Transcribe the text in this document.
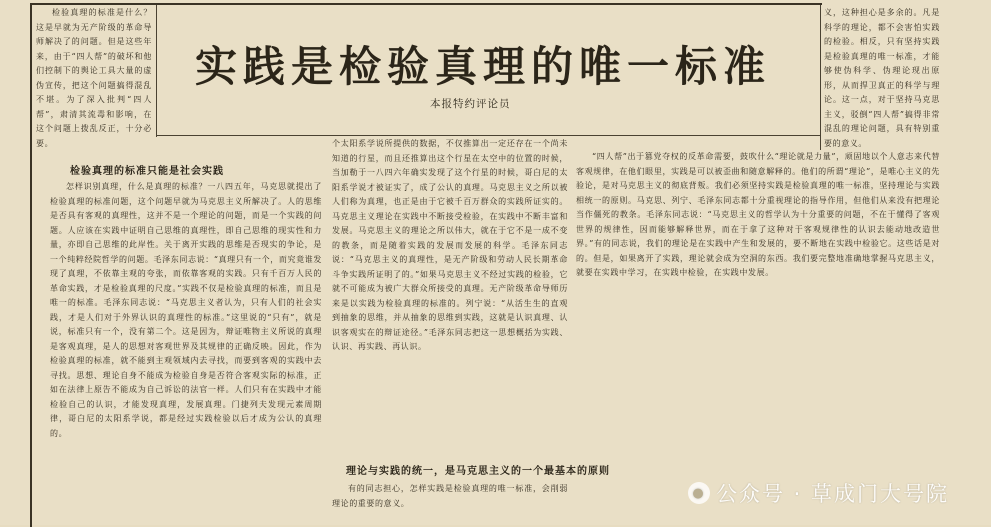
检验真理的标准是什么？这是早就为无产阶级的革命导师解决了的问题。但是这些年来，由于“四人帮”的破坏和他们控制下的舆论工具大量的虚伪宣传，把这个问题搞得混乱不堪。为了深入批判“四人帮”，肃清其流毒和影响，在这个问题上拨乱反正，十分必要。

实践是检验真理的唯一标准
本报特约评论员

义，这种担心是多余的。凡是科学的理论，都不会害怕实践的检验。相反，只有坚持实践是检验真理的唯一标准，才能够使伪科学、伪理论现出原形，从而捍卫真正的科学与理论。这一点，对于坚持马克思主义，驳倒“四人帮”搞得非常混乱的理论问题，具有特别重要的意义。

检验真理的标准只能是社会实践

怎样识别真理，什么是真理的标准？一八四五年，马克思就提出了检验真理的标准问题，这个问题早就为马克思主义所解决了。人的思维是否具有客观的真理性，这并不是一个理论的问题，而是一个实践的问题。人应该在实践中证明自己思维的真理性，即自己思维的现实性和力量，亦即自己思维的此岸性。关于离开实践的思维是否现实的争论，是一个纯粹经院哲学的问题。毛泽东同志说：“真理只有一个，而究竟谁发现了真理，不依靠主观的夸张，而依靠客观的实践。只有千百万人民的革命实践，才是检验真理的尺度。”实践不仅是检验真理的标准，而且是唯一的标准。毛泽东同志说：“马克思主义者认为，只有人们的社会实践，才是人们对于外界认识的真理性的标准。”这里说的“只有”，就是说，标准只有一个，没有第二个。这是因为，辩证唯物主义所说的真理是客观真理，是人的思想对客观世界及其规律的正确反映。因此，作为检验真理的标准，就不能到主观领域内去寻找，而要到客观的实践中去寻找。思想、理论自身不能成为检验自身是否符合客观实际的标准，正如在法律上原告不能成为自己诉讼的法官一样。人们只有在实践中才能检验自己的认识，才能发现真理，发展真理。门捷列夫发现元素周期律，哥白尼的太阳系学说，都是经过实践检验以后才成为公认的真理的。

个太阳系学说所提供的数据，不仅推算出一定还存在一个尚未知道的行星，而且还推算出这个行星在太空中的位置的时候，当加勒于一八四六年确实发现了这个行星的时候，哥白尼的太阳系学说才被证实了，成了公认的真理。马克思主义之所以被人们称为真理，也正是由于它被千百万群众的实践所证实的。马克思主义理论在实践中不断接受检验，在实践中不断丰富和发展。马克思主义的理论之所以伟大，就在于它不是一成不变的教条，而是随着实践的发展而发展的科学。毛泽东同志说：“马克思主义的真理性，是无产阶级和劳动人民长期革命斗争实践所证明了的。”如果马克思主义不经过实践的检验，它就不可能成为被广大群众所接受的真理。无产阶级革命导师历来是以实践为检验真理的标准的。列宁说：“从活生生的直观到抽象的思维，并从抽象的思维到实践，这就是认识真理、认识客观实在的辩证途径。”毛泽东同志把这一思想概括为实践、认识、再实践、再认识。

理论与实践的统一，是马克思主义的一个最基本的原则

有的同志担心，怎样实践是检验真理的唯一标准，会削弱理论的重要的意义。

“四人帮”出于篡党夺权的反革命需要，鼓吹什么“理论就是力量”，顽固地以个人意志来代替客观规律，在他们眼里，实践是可以被歪曲和随意解释的。他们的所谓“理论”，是唯心主义的先验论，是对马克思主义的彻底背叛。我们必须坚持实践是检验真理的唯一标准，坚持理论与实践相统一的原则。马克思、列宁、毛泽东同志都十分重视理论的指导作用，但他们从来没有把理论当作僵死的教条。毛泽东同志说：“马克思主义的哲学认为十分重要的问题，不在于懂得了客观世界的规律性，因而能够解释世界，而在于拿了这种对于客观规律性的认识去能动地改造世界。”有的同志说，我们的理论是在实践中产生和发展的，要不断地在实践中检验它。这些话是对的。但是，如果离开了实践，理论就会成为空洞的东西。我们要完整地准确地掌握马克思主义，就要在实践中学习，在实践中检验，在实践中发展。

● 公众号 · 草成门大号院
